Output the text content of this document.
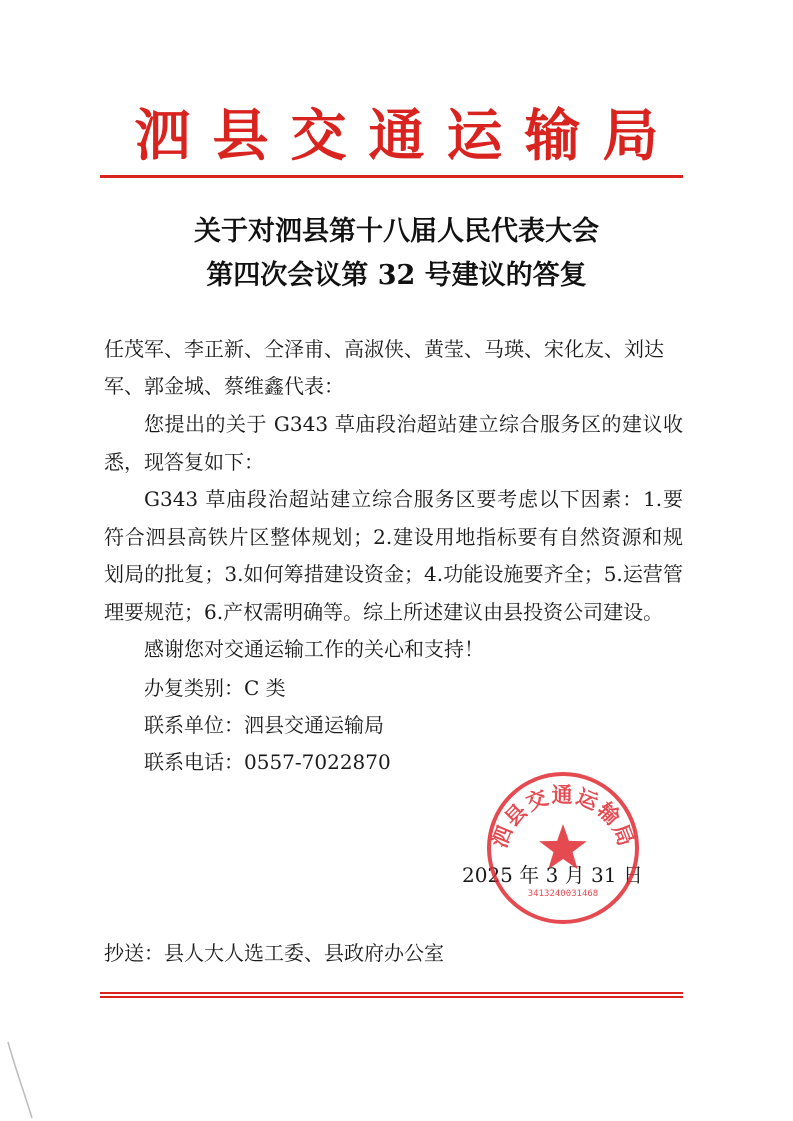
泗县交通运输局
关于对泗县第十八届人民代表大会
第四次会议第 32 号建议的答复
任茂军、李正新、仝泽甫、高淑侠、黄莹、马瑛、宋化友、刘达
军、郭金城、蔡维鑫代表：
您提出的关于 G343 草庙段治超站建立综合服务区的建议收悉，现答复如下：
G343 草庙段治超站建立综合服务区要考虑以下因素：1.要符合泗县高铁片区整体规划；2.建设用地指标要有自然资源和规划局的批复；3.如何筹措建设资金；4.功能设施要齐全；5.运营管理要规范；6.产权需明确等。综上所述建议由县投资公司建设。
感谢您对交通运输工作的关心和支持！
办复类别：C 类
联系单位：泗县交通运输局
联系电话：0557-7022870
2025 年 3 月 31 日
泗县交通运输局
3413240031468
抄送：县人大人选工委、县政府办公室
